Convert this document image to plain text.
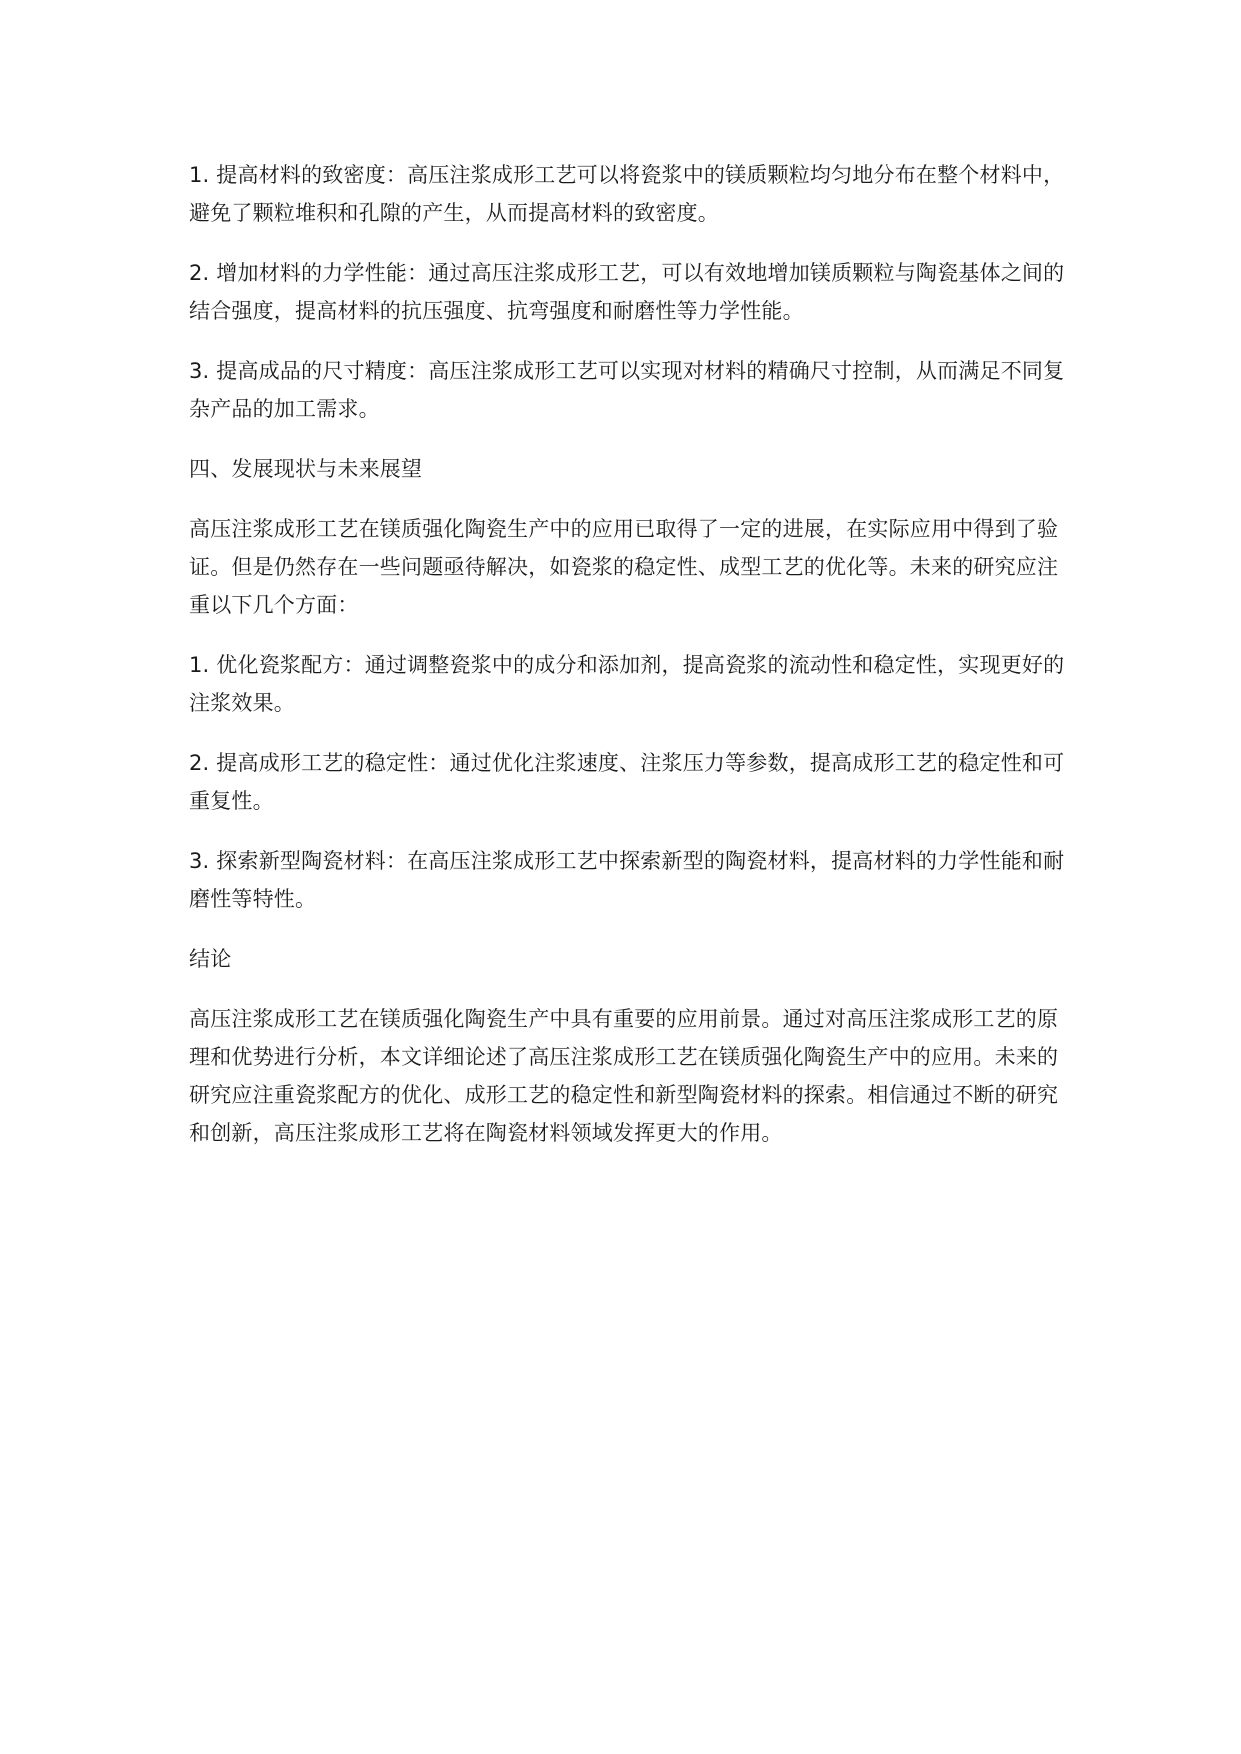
1. 提高材料的致密度：高压注浆成形工艺可以将瓷浆中的镁质颗粒均匀地分布在整个材料中，避免了颗粒堆积和孔隙的产生，从而提高材料的致密度。

2. 增加材料的力学性能：通过高压注浆成形工艺，可以有效地增加镁质颗粒与陶瓷基体之间的结合强度，提高材料的抗压强度、抗弯强度和耐磨性等力学性能。

3. 提高成品的尺寸精度：高压注浆成形工艺可以实现对材料的精确尺寸控制，从而满足不同复杂产品的加工需求。

四、发展现状与未来展望

高压注浆成形工艺在镁质强化陶瓷生产中的应用已取得了一定的进展，在实际应用中得到了验证。但是仍然存在一些问题亟待解决，如瓷浆的稳定性、成型工艺的优化等。未来的研究应注重以下几个方面：

1. 优化瓷浆配方：通过调整瓷浆中的成分和添加剂，提高瓷浆的流动性和稳定性，实现更好的注浆效果。

2. 提高成形工艺的稳定性：通过优化注浆速度、注浆压力等参数，提高成形工艺的稳定性和可重复性。

3. 探索新型陶瓷材料：在高压注浆成形工艺中探索新型的陶瓷材料，提高材料的力学性能和耐磨性等特性。

结论

高压注浆成形工艺在镁质强化陶瓷生产中具有重要的应用前景。通过对高压注浆成形工艺的原理和优势进行分析，本文详细论述了高压注浆成形工艺在镁质强化陶瓷生产中的应用。未来的研究应注重瓷浆配方的优化、成形工艺的稳定性和新型陶瓷材料的探索。相信通过不断的研究和创新，高压注浆成形工艺将在陶瓷材料领域发挥更大的作用。
